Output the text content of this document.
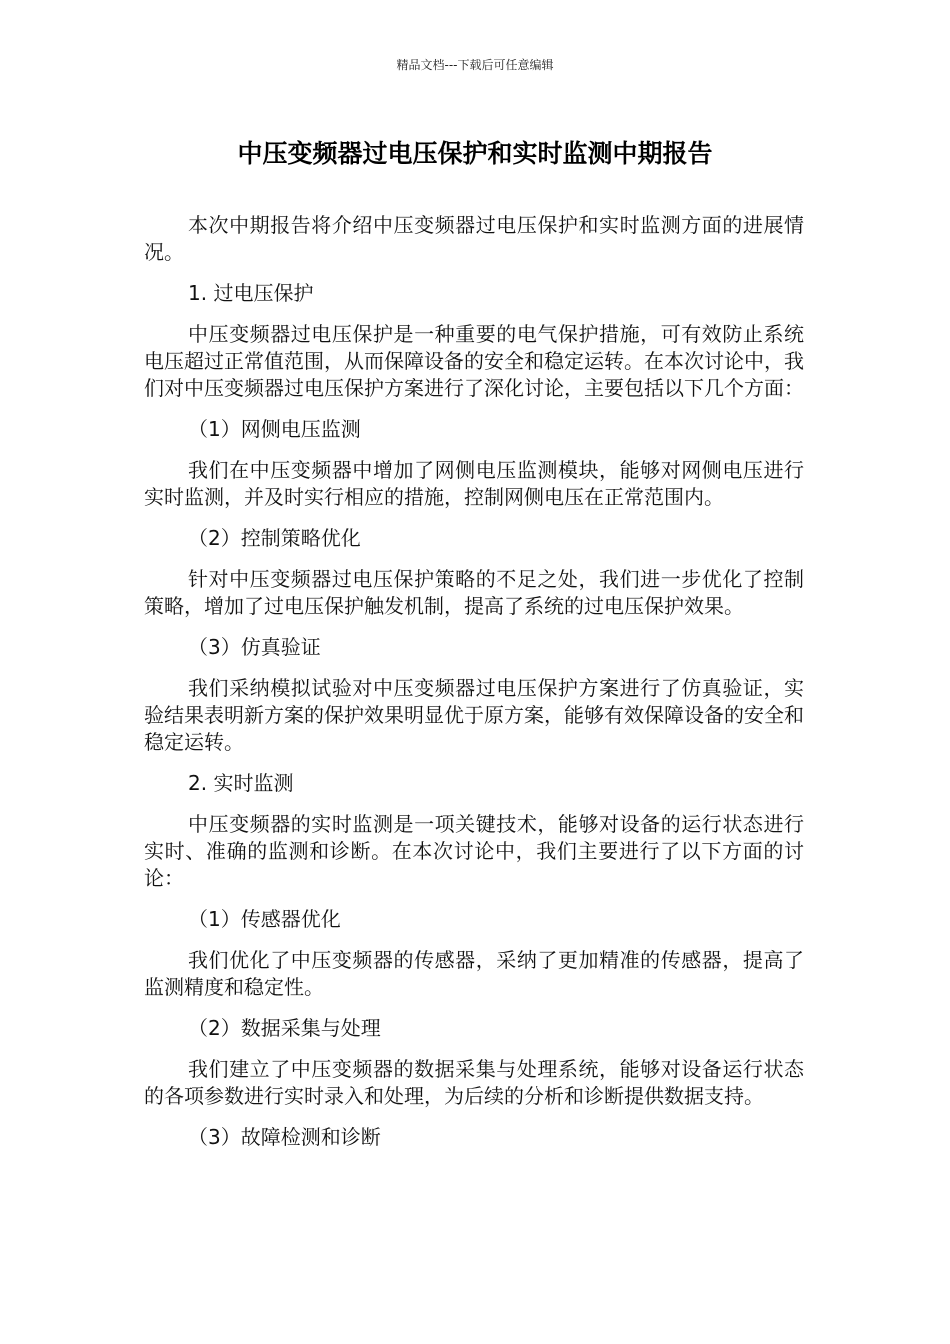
精品文档---下载后可任意编辑
中压变频器过电压保护和实时监测中期报告

本次中期报告将介绍中压变频器过电压保护和实时监测方面的进展情况。

1. 过电压保护

中压变频器过电压保护是一种重要的电气保护措施，可有效防止系统电压超过正常值范围，从而保障设备的安全和稳定运转。在本次讨论中，我们对中压变频器过电压保护方案进行了深化讨论，主要包括以下几个方面：

（1）网侧电压监测

我们在中压变频器中增加了网侧电压监测模块，能够对网侧电压进行实时监测，并及时实行相应的措施，控制网侧电压在正常范围内。

（2）控制策略优化

针对中压变频器过电压保护策略的不足之处，我们进一步优化了控制策略，增加了过电压保护触发机制，提高了系统的过电压保护效果。

（3）仿真验证

我们采纳模拟试验对中压变频器过电压保护方案进行了仿真验证，实验结果表明新方案的保护效果明显优于原方案，能够有效保障设备的安全和稳定运转。

2. 实时监测

中压变频器的实时监测是一项关键技术，能够对设备的运行状态进行实时、准确的监测和诊断。在本次讨论中，我们主要进行了以下方面的讨论：

（1）传感器优化

我们优化了中压变频器的传感器，采纳了更加精准的传感器，提高了监测精度和稳定性。

（2）数据采集与处理

我们建立了中压变频器的数据采集与处理系统，能够对设备运行状态的各项参数进行实时录入和处理，为后续的分析和诊断提供数据支持。

（3）故障检测和诊断
